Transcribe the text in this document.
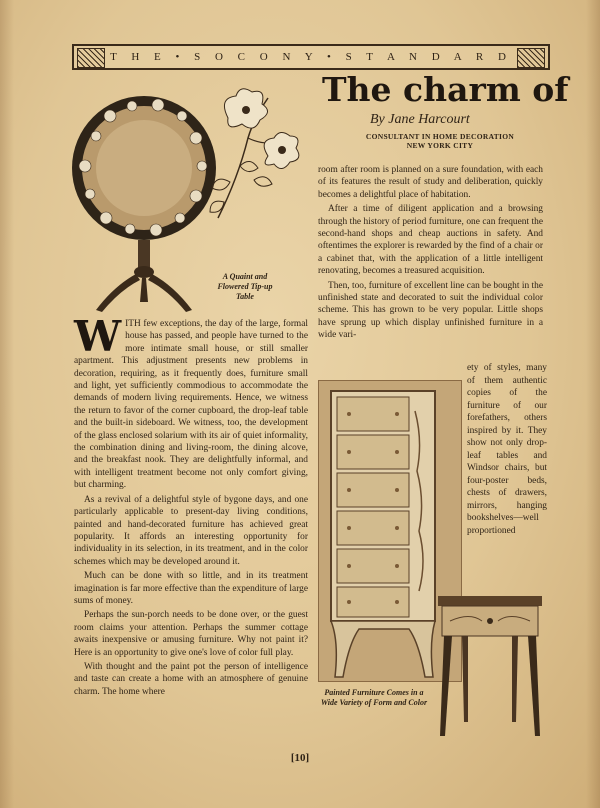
T H E • S O C O N Y • S T A N D A R D
The charm of
By Jane Harcourt
CONSULTANT IN HOME DECORATION
NEW YORK CITY
A Quaint and Flowered Tip-up Table

WITH few exceptions, the day of the large, formal house has passed, and people have turned to the more intimate small house, or still smaller apartment. This adjustment presents new problems in decoration, requiring, as it frequently does, furniture small and light, yet sufficiently commodious to accommodate the demands of modern living requirements. Hence, we witness the return to favor of the corner cupboard, the drop-leaf table and the built-in sideboard. We witness, too, the development of the glass enclosed solarium with its air of quiet informality, the combination dining and living-room, the dining alcove, and the breakfast nook. They are delightfully informal, and with intelligent treatment become not only comfort giving, but charming.

As a revival of a delightful style of bygone days, and one particularly applicable to present-day living conditions, painted and hand-decorated furniture has achieved great popularity. It affords an interesting opportunity for individuality in its selection, in its treatment, and in the color schemes which may be developed around it.

Much can be done with so little, and in its treatment imagination is far more effective than the expenditure of large sums of money.

Perhaps the sun-porch needs to be done over, or the guest room claims your attention. Perhaps the summer cottage awaits inexpensive or amusing furniture. Why not paint it? Here is an opportunity to give one's love of color full play.

With thought and the paint pot the person of intelligence and taste can create a home with an atmosphere of genuine charm. The home where

room after room is planned on a sure foundation, with each of its features the result of study and deliberation, quickly becomes a delightful place of habitation.

After a time of diligent application and a browsing through the history of period furniture, one can frequent the second-hand shops and cheap auctions in safety. And oftentimes the explorer is rewarded by the find of a chair or a cabinet that, with the application of a little intelligent renovating, becomes a treasured acquisition.

Then, too, furniture of excellent line can be bought in the unfinished state and decorated to suit the individual color scheme. This has grown to be very popular. Little shops have sprung up which display unfinished furniture in a wide vari-

ety of styles, many of them authentic copies of the furniture of our forefathers, others inspired by it. They show not only drop-leaf tables and Windsor chairs, but four-poster beds, chests of drawers, mirrors, hanging bookshelves—well proportioned
Painted Furniture Comes in a Wide Variety of Form and Color
[10]
